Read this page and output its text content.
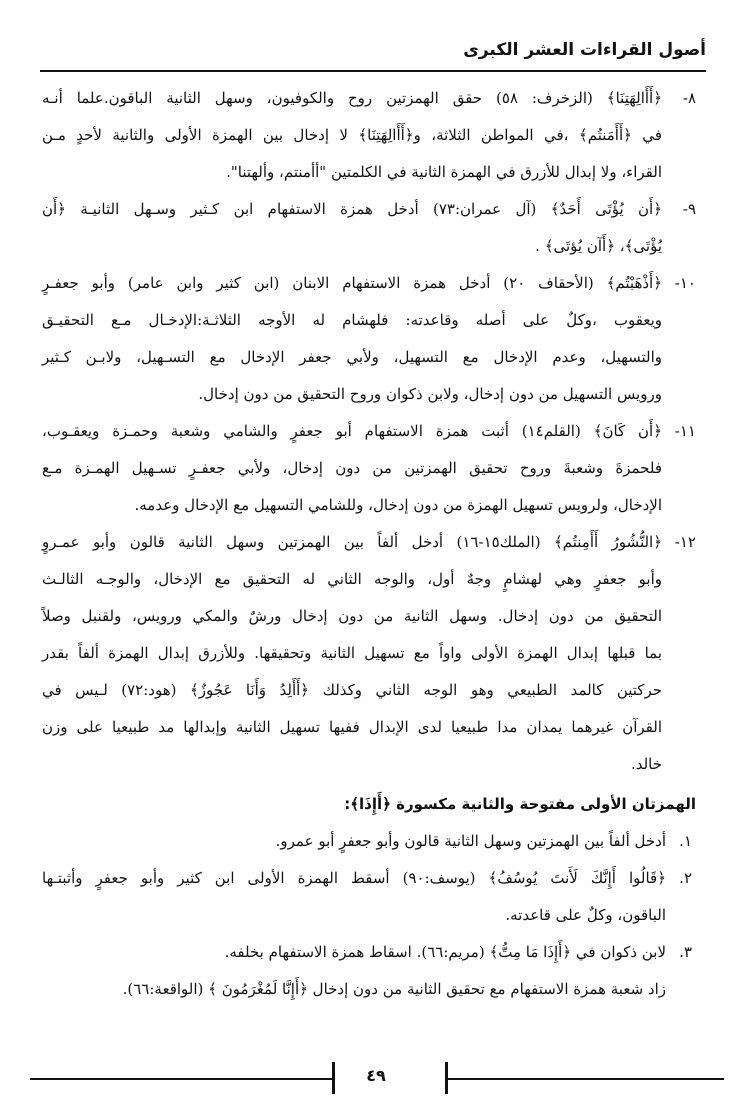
أصول القراءات العشر الكبرى
٨-

﴿أَأَالِهَتِنَا﴾ (الزخرف: ٥٨) حقق الهمزتين روح والكوفيون، وسهل الثانية الباقون.علما أنـه
في ﴿أَأَمَنتُم﴾ ،في المواطن الثلاثة، و﴿أَأَالِهَتِنَا﴾ لا إدخال بين الهمزة الأولى والثانية لأحدٍ مـن
القراء، ولا إبدال للأزرق في الهمزة الثانية في الكلمتين "أأمنتم، وألهتنا".

٩-

﴿أَن يُؤْتَى أَحَدٌ﴾ (آل عمران:٧٣) أدخل همزة الاستفهام ابن كـثير وسـهل الثانيـة ﴿أَن
يُؤْتَى﴾، ﴿أَآن يُؤتَى﴾ .

١٠-

﴿أَذْهَبْتُم﴾ (الأحقاف ٢٠) أدخل همزة الاستفهام الابنان (ابن كثير وابن عامر) وأبو جعفـرٍ
ويعقوب ،وكلٌ على أصله وقاعدته: فلهشام له الأوجه الثلاثـة:الإدخـال مـع التحقيـق
والتسهيل، وعدم الإدخال مع التسهيل، ولأبي جعفر الإدخال مع التسـهيل، ولابـن كـثير
ورويس التسهيل من دون إدخال، ولابن ذكوان وروح التحقيق من دون إدخال.

١١-

﴿أَن كَانَ﴾ (القلم١٤) أثبت همزة الاستفهام أبو جعفرٍ والشامي وشعبة وحمـزة ويعقـوب،
فلحمزةَ وشعبةَ وروح تحقيق الهمزتين من دون إدخال، ولأبي جعفـرٍ تسـهيل الهمـزة مـع
الإدخال، ولرويس تسهيل الهمزة من دون إدخال، وللشامي التسهيل مع الإدخال وعدمه.

١٢-

﴿النُّشُورُ أَأَمِنتُم﴾ (الملك١٥-١٦) أدخل ألفاً بين الهمزتين وسهل الثانية قالون وأبو عمـروٍ
وأبو جعفرٍ وهي لهشامٍ وجهٌ أول، والوجه الثاني له التحقيق مع الإدخال، والوجـه الثالـث
التحقيق من دون إدخال. وسهل الثانية من دون إدخال ورشٌ والمكي ورويس، ولقنبل وصلاً
بما قبلها إبدال الهمزة الأولى واواً مع تسهيل الثانية وتحقيقها. وللأزرق إبدال الهمزة ألفاً بقدر
حركتين كالمد الطبيعي وهو الوجه الثاني وكذلك ﴿أَأَلِدُ وَأَنَا عَجُوزٌ﴾ (هود:٧٢) لـيس في
القرآن غيرهما يمدان مدا طبيعيا لدى الإبدال ففيها تسهيل الثانية وإبدالها مد طبيعيا على وزن
خالد.

الهمزتان الأولى مفتوحة والثانية مكسورة ﴿أَإِذَا﴾:
١.

أدخل ألفاً بين الهمزتين وسهل الثانية قالون وأبو جعفرٍ أبو عمرو.

٢.

﴿قَالُوا أَإِنَّكَ لَأَنتَ يُوسُفُ﴾ (يوسف:٩٠) أسقط الهمزة الأولى ابن كثير وأبو جعفرٍ وأثبتـها
الباقون، وكلٌ على قاعدته.

٣.

لابن ذكوان في ﴿أَإِذَا مَا مِتُّ﴾ (مريم:٦٦). اسقاط همزة الاستفهام بخلفه.

زاد شعبة همزة الاستفهام مع تحقيق الثانية من دون إدخال ﴿أَإِنَّا لَمُغْرَمُونَ ﴾ (الواقعة:٦٦).

٤٩
